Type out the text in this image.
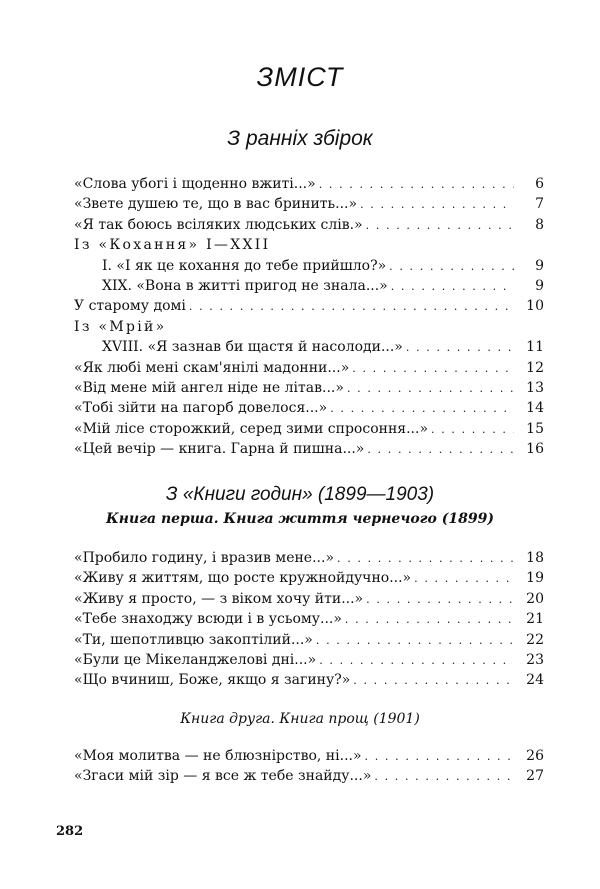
ЗМІСТ
З ранніх збірок
«Слова убогі і щоденно вжиті...» . . .	6
«Звете душею те, що в вас бринить...» . . .	7
«Я так боюсь всіляких людських слів.» . . .	8
Із «Кохання» І—XXII
І. «І як це кохання до тебе прийшло?» . . .	9
XIX. «Вона в житті пригод не знала...» . . .	9
У старому домі . . .	10
Із «Мрій»
XVIII. «Я зазнав би щастя й насолоди...» . . .	11
«Як любі мені скам'янілі мадонни...» . . .	12
«Від мене мій ангел ніде не літав...» . . .	13
«Тобі зійти на пагорб довелося...» . . .	14
«Мій лісе сторожкий, серед зими спросоння...» . . .	15
«Цей вечір — книга. Гарна й пишна...» . . .	16
З «Книги годин» (1899—1903)
Книга перша. Книга життя чернечого (1899)
«Пробило годину, і вразив мене...» . . .	18
«Живу я життям, що росте кружнойдучно...» . . .	19
«Живу я просто, — з віком хочу йти...» . . .	20
«Тебе знаходжу всюди і в усьому...» . . .	21
«Ти, шепотливцю закоптілий...» . . .	22
«Були це Мікеланджелові дні...» . . .	23
«Що вчиниш, Боже, якщо я загину?» . . .	24
Книга друга. Книга прощ (1901)
«Моя молитва — не блюзнірство, ні...» . . .	26
«Згаси мій зір — я все ж тебе знайду...» . . .	27
282
